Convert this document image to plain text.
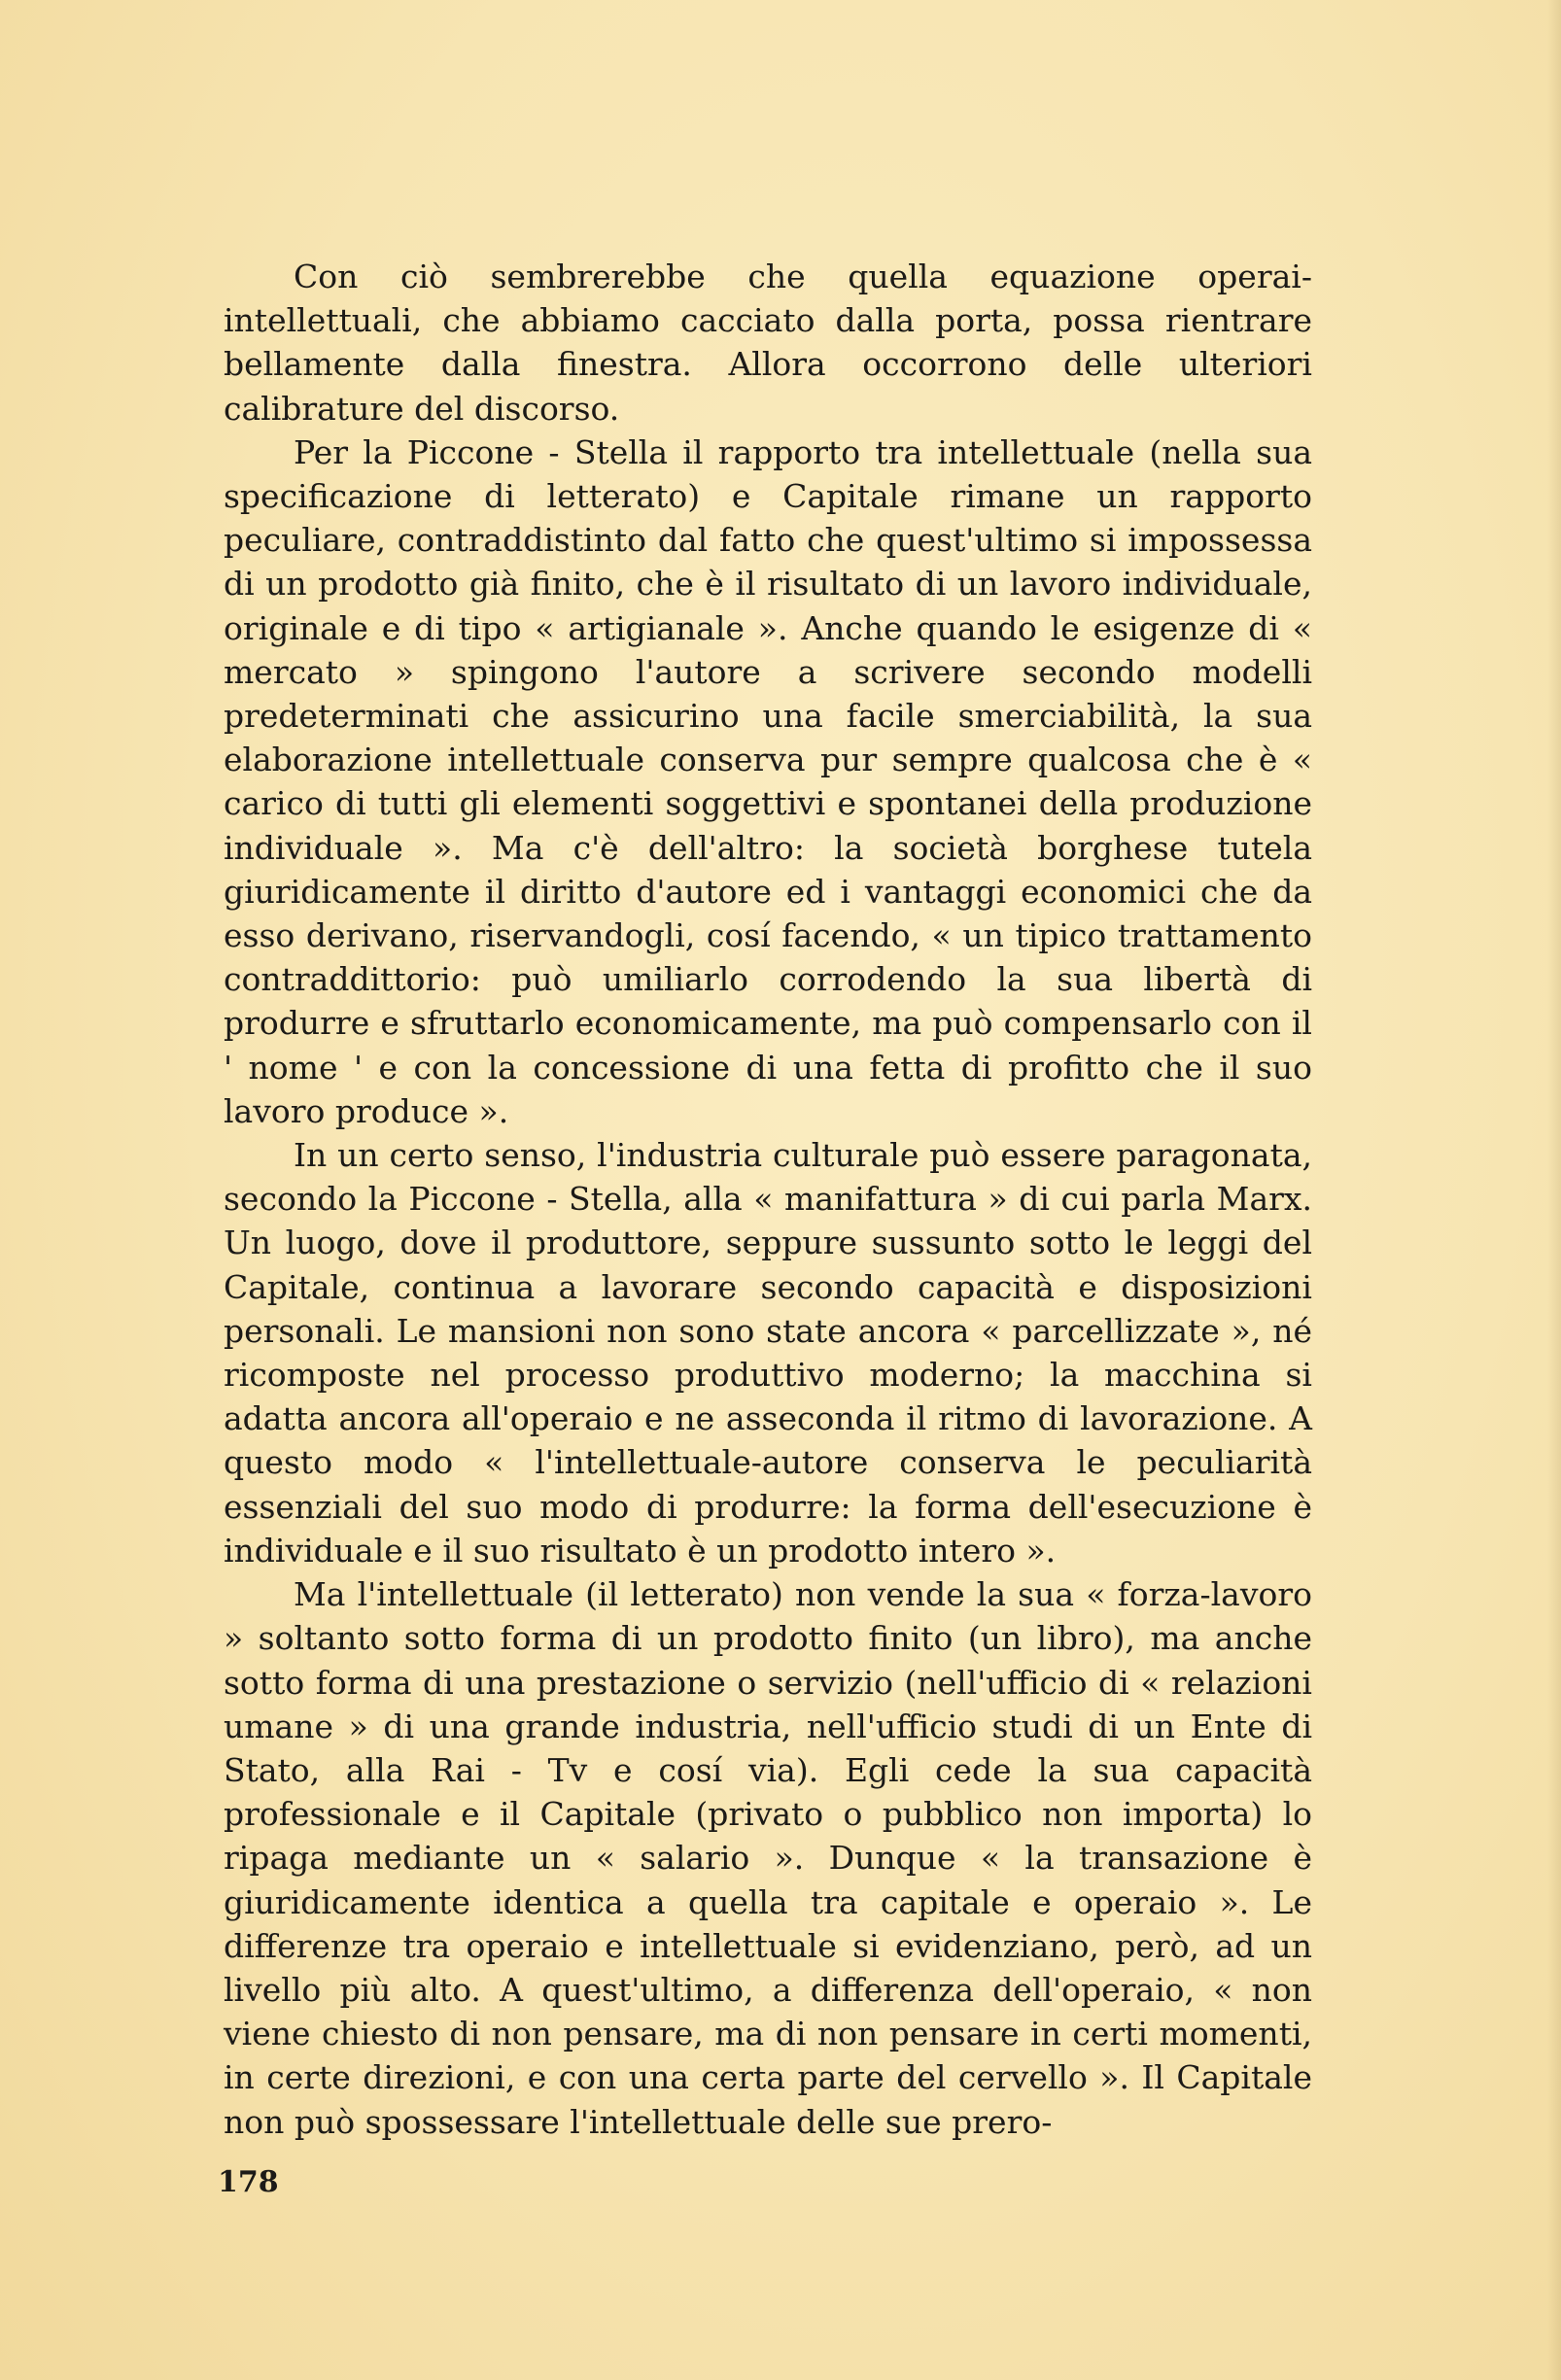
Con ciò sembrerebbe che quella equazione operai-intellettuali, che abbiamo cacciato dalla porta, possa rientrare bellamente dalla finestra. Allora occorrono delle ulteriori calibrature del discorso.

Per la Piccone - Stella il rapporto tra intellettuale (nella sua specificazione di letterato) e Capitale rimane un rapporto peculiare, contraddistinto dal fatto che quest'ultimo si impossessa di un prodotto già finito, che è il risultato di un lavoro individuale, originale e di tipo « artigianale ». Anche quando le esigenze di « mercato » spingono l'autore a scrivere secondo modelli predeterminati che assicurino una facile smerciabilità, la sua elaborazione intellettuale conserva pur sempre qualcosa che è « carico di tutti gli elementi soggettivi e spontanei della produzione individuale ». Ma c'è dell'altro: la società borghese tutela giuridicamente il diritto d'autore ed i vantaggi economici che da esso derivano, riservandogli, cosí facendo, « un tipico trattamento contraddittorio: può umiliarlo corrodendo la sua libertà di produrre e sfruttarlo economicamente, ma può compensarlo con il ' nome ' e con la concessione di una fetta di profitto che il suo lavoro produce ».

In un certo senso, l'industria culturale può essere paragonata, secondo la Piccone - Stella, alla « manifattura » di cui parla Marx. Un luogo, dove il produttore, seppure sussunto sotto le leggi del Capitale, continua a lavorare secondo capacità e disposizioni personali. Le mansioni non sono state ancora « parcellizzate », né ricomposte nel processo produttivo moderno; la macchina si adatta ancora all'operaio e ne asseconda il ritmo di lavorazione. A questo modo « l'intellettuale-autore conserva le peculiarità essenziali del suo modo di produrre: la forma dell'esecuzione è individuale e il suo risultato è un prodotto intero ».

Ma l'intellettuale (il letterato) non vende la sua « forza-lavoro » soltanto sotto forma di un prodotto finito (un libro), ma anche sotto forma di una prestazione o servizio (nell'ufficio di « relazioni umane » di una grande industria, nell'ufficio studi di un Ente di Stato, alla Rai - Tv e cosí via). Egli cede la sua capacità professionale e il Capitale (privato o pubblico non importa) lo ripaga mediante un « salario ». Dunque « la transazione è giuridicamente identica a quella tra capitale e operaio ». Le differenze tra operaio e intellettuale si evidenziano, però, ad un livello più alto. A quest'ultimo, a differenza dell'operaio, « non viene chiesto di non pensare, ma di non pensare in certi momenti, in certe direzioni, e con una certa parte del cervello ». Il Capitale non può spossessare l'intellettuale delle sue prero-

178
